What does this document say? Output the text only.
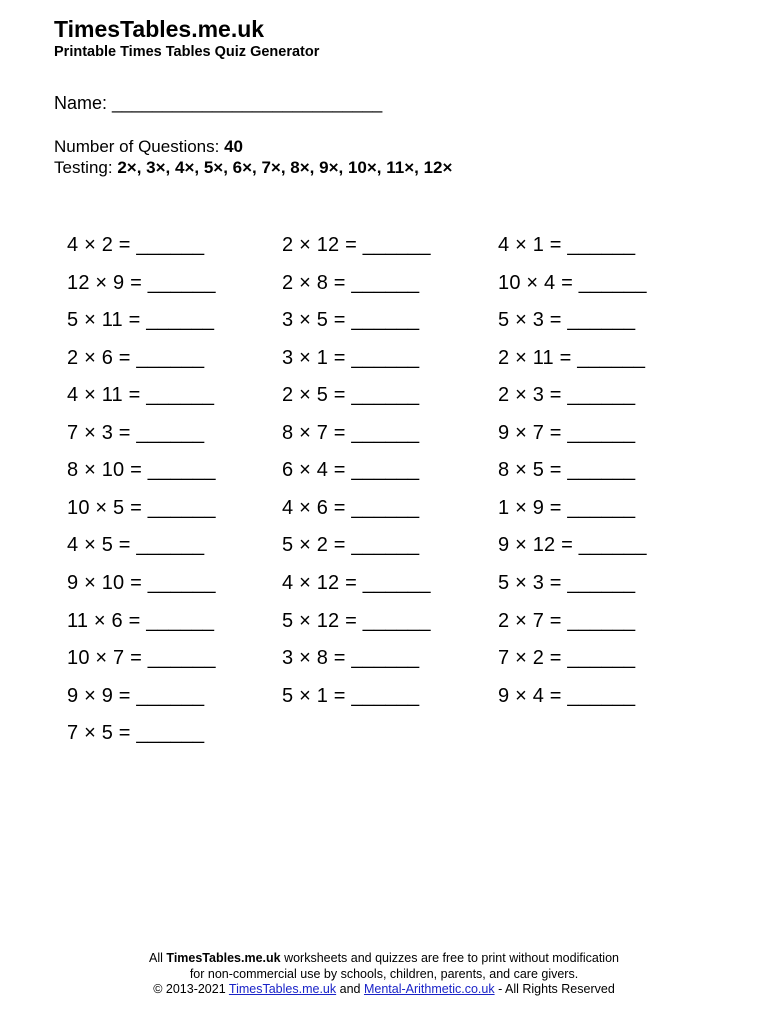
TimesTables.me.uk
Printable Times Tables Quiz Generator
Name: ___________________________
Number of Questions: 40
Testing: 2×, 3×, 4×, 5×, 6×, 7×, 8×, 9×, 10×, 11×, 12×
4 × 2 = ______
12 × 9 = ______
5 × 11 = ______
2 × 6 = ______
4 × 11 = ______
7 × 3 = ______
8 × 10 = ______
10 × 5 = ______
4 × 5 = ______
9 × 10 = ______
11 × 6 = ______
10 × 7 = ______
9 × 9 = ______
7 × 5 = ______
2 × 12 = ______
2 × 8 = ______
3 × 5 = ______
3 × 1 = ______
2 × 5 = ______
8 × 7 = ______
6 × 4 = ______
4 × 6 = ______
5 × 2 = ______
4 × 12 = ______
5 × 12 = ______
3 × 8 = ______
5 × 1 = ______
4 × 1 = ______
10 × 4 = ______
5 × 3 = ______
2 × 11 = ______
2 × 3 = ______
9 × 7 = ______
8 × 5 = ______
1 × 9 = ______
9 × 12 = ______
5 × 3 = ______
2 × 7 = ______
7 × 2 = ______
9 × 4 = ______
All TimesTables.me.uk worksheets and quizzes are free to print without modification
for non-commercial use by schools, children, parents, and care givers.
© 2013-2021 TimesTables.me.uk and Mental-Arithmetic.co.uk - All Rights Reserved
